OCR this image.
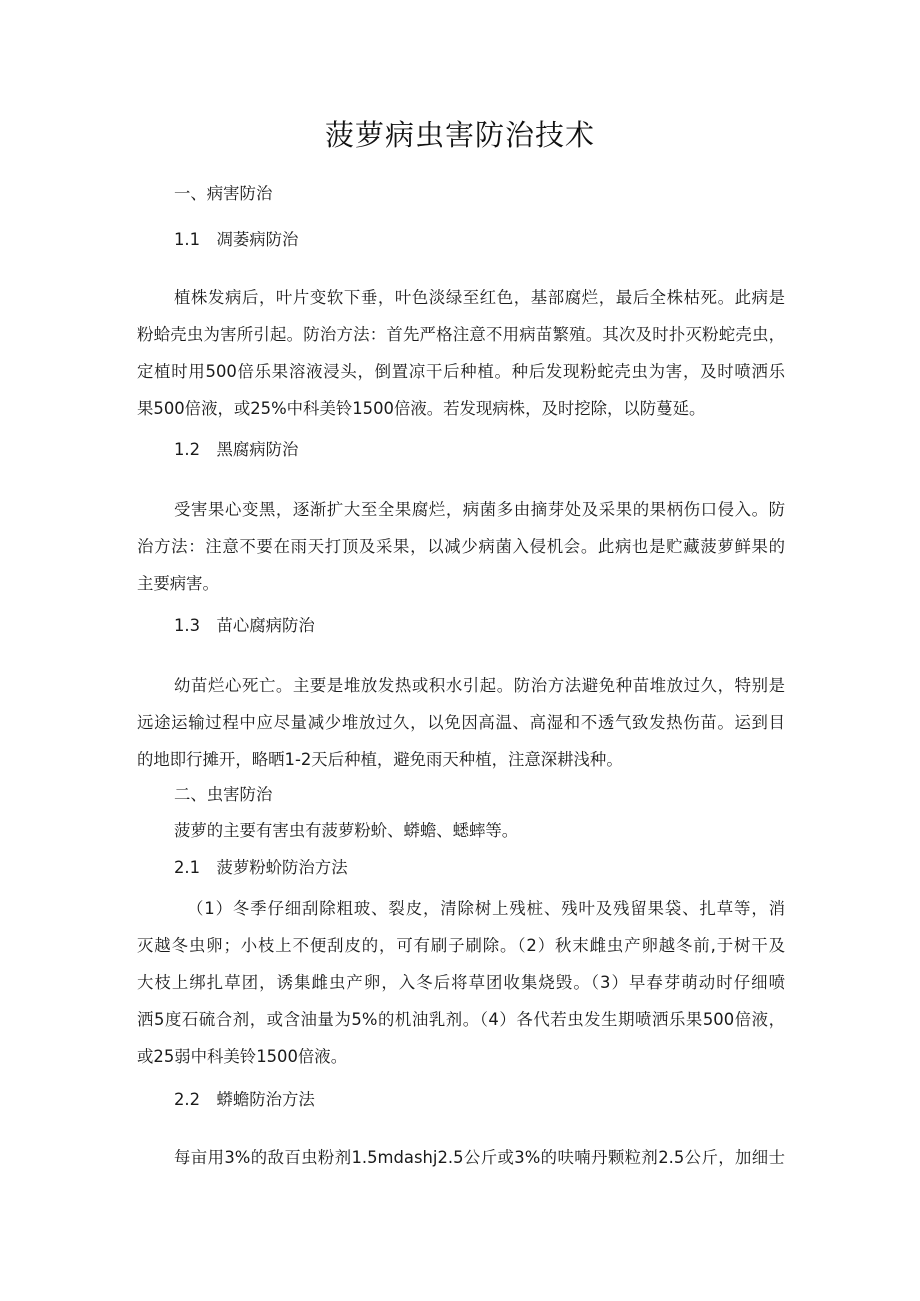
菠萝病虫害防治技术

一、病害防治

1.1　凋萎病防治

植株发病后，叶片变软下垂，叶色淡绿至红色，基部腐烂，最后全株枯死。此病是
粉蛤壳虫为害所引起。防治方法：首先严格注意不用病苗繁殖。其次及时扑灭粉蛇壳虫，
定植时用500倍乐果溶液浸头，倒置凉干后种植。种后发现粉蛇壳虫为害，及时喷洒乐
果500倍液，或25%中科美铃1500倍液。若发现病株，及时挖除，以防蔓延。

1.2　黑腐病防治

受害果心变黑，逐渐扩大至全果腐烂，病菌多由摘芽处及采果的果柄伤口侵入。防
治方法：注意不要在雨天打顶及采果，以减少病菌入侵机会。此病也是贮藏菠萝鲜果的
主要病害。

1.3　苗心腐病防治

幼苗烂心死亡。主要是堆放发热或积水引起。防治方法避免种苗堆放过久，特别是
远途运输过程中应尽量减少堆放过久，以免因高温、高湿和不透气致发热伤苗。运到目
的地即行摊开，略晒1-2天后种植，避免雨天种植，注意深耕浅种。

二、虫害防治

菠萝的主要有害虫有菠萝粉蚧、蟒蟾、蟋蟀等。

2.1　菠萝粉蚧防治方法

（1）冬季仔细刮除粗玻、裂皮，清除树上残桩、残叶及残留果袋、扎草等，消
灭越冬虫卵；小枝上不便刮皮的，可有刷子刷除。（2）秋末雌虫产卵越冬前,于树干及
大枝上绑扎草团，诱集雌虫产卵，入冬后将草团收集烧毁。（3）早春芽萌动时仔细喷
洒5度石硫合剂，或含油量为5%的机油乳剂。（4）各代若虫发生期喷洒乐果500倍液，
或25弱中科美铃1500倍液。

2.2　蟒蟾防治方法

每亩用3%的敌百虫粉剂1.5mdashj2.5公斤或3%的呋喃丹颗粒剂2.5公斤，加细士
